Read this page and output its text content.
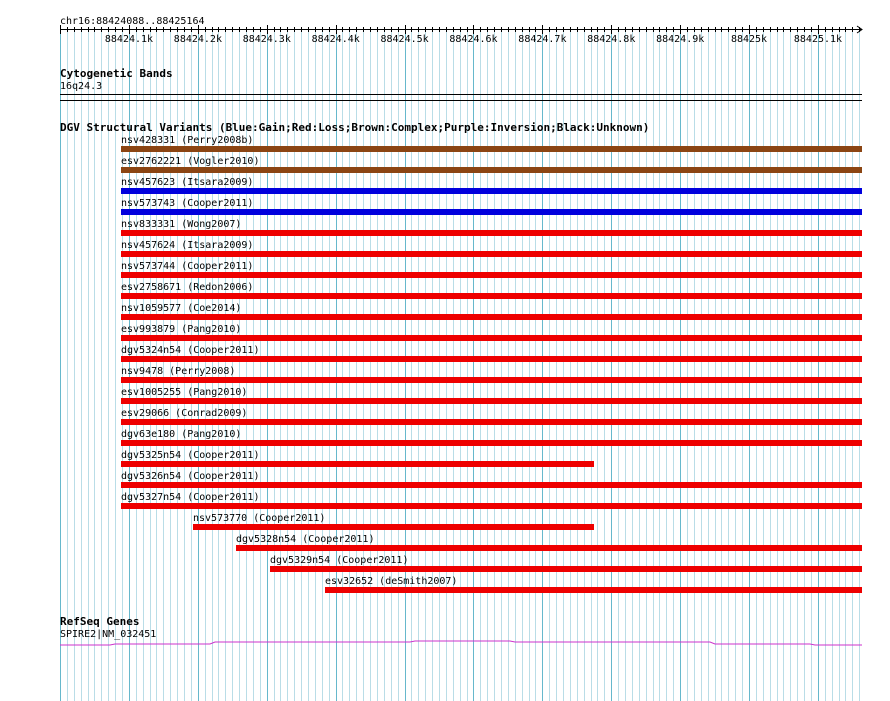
chr16:88424088..88425164
88424.1k 88424.2k 88424.3k 88424.4k 88424.5k 88424.6k 88424.7k 88424.8k 88424.9k	88425k	88425.1k
Cytogenetic Bands
16q24.3
DGV Structural Variants (Blue:Gain;Red:Loss;Brown:Complex;Purple:Inversion;Black:Unknown)
nsv428331 (Perry2008b)
esv2762221 (Vogler2010)
nsv457623 (Itsara2009)
nsv573743 (Cooper2011)
nsv833331 (Wong2007)
nsv457624 (Itsara2009)
nsv573744 (Cooper2011)
esv2758671 (Redon2006)
nsv1059577 (Coe2014)
esv993879 (Pang2010)
dgv5324n54 (Cooper2011)
nsv9478 (Perry2008)
esv1005255 (Pang2010)
esv29066 (Conrad2009)
dgv63e180 (Pang2010)
dgv5325n54 (Cooper2011)
dgv5326n54 (Cooper2011)
dgv5327n54 (Cooper2011)
nsv573770 (Cooper2011)
dgv5328n54 (Cooper2011)
dgv5329n54 (Cooper2011)
esv32652 (deSmith2007)
RefSeq Genes
SPIRE2|NM_032451
